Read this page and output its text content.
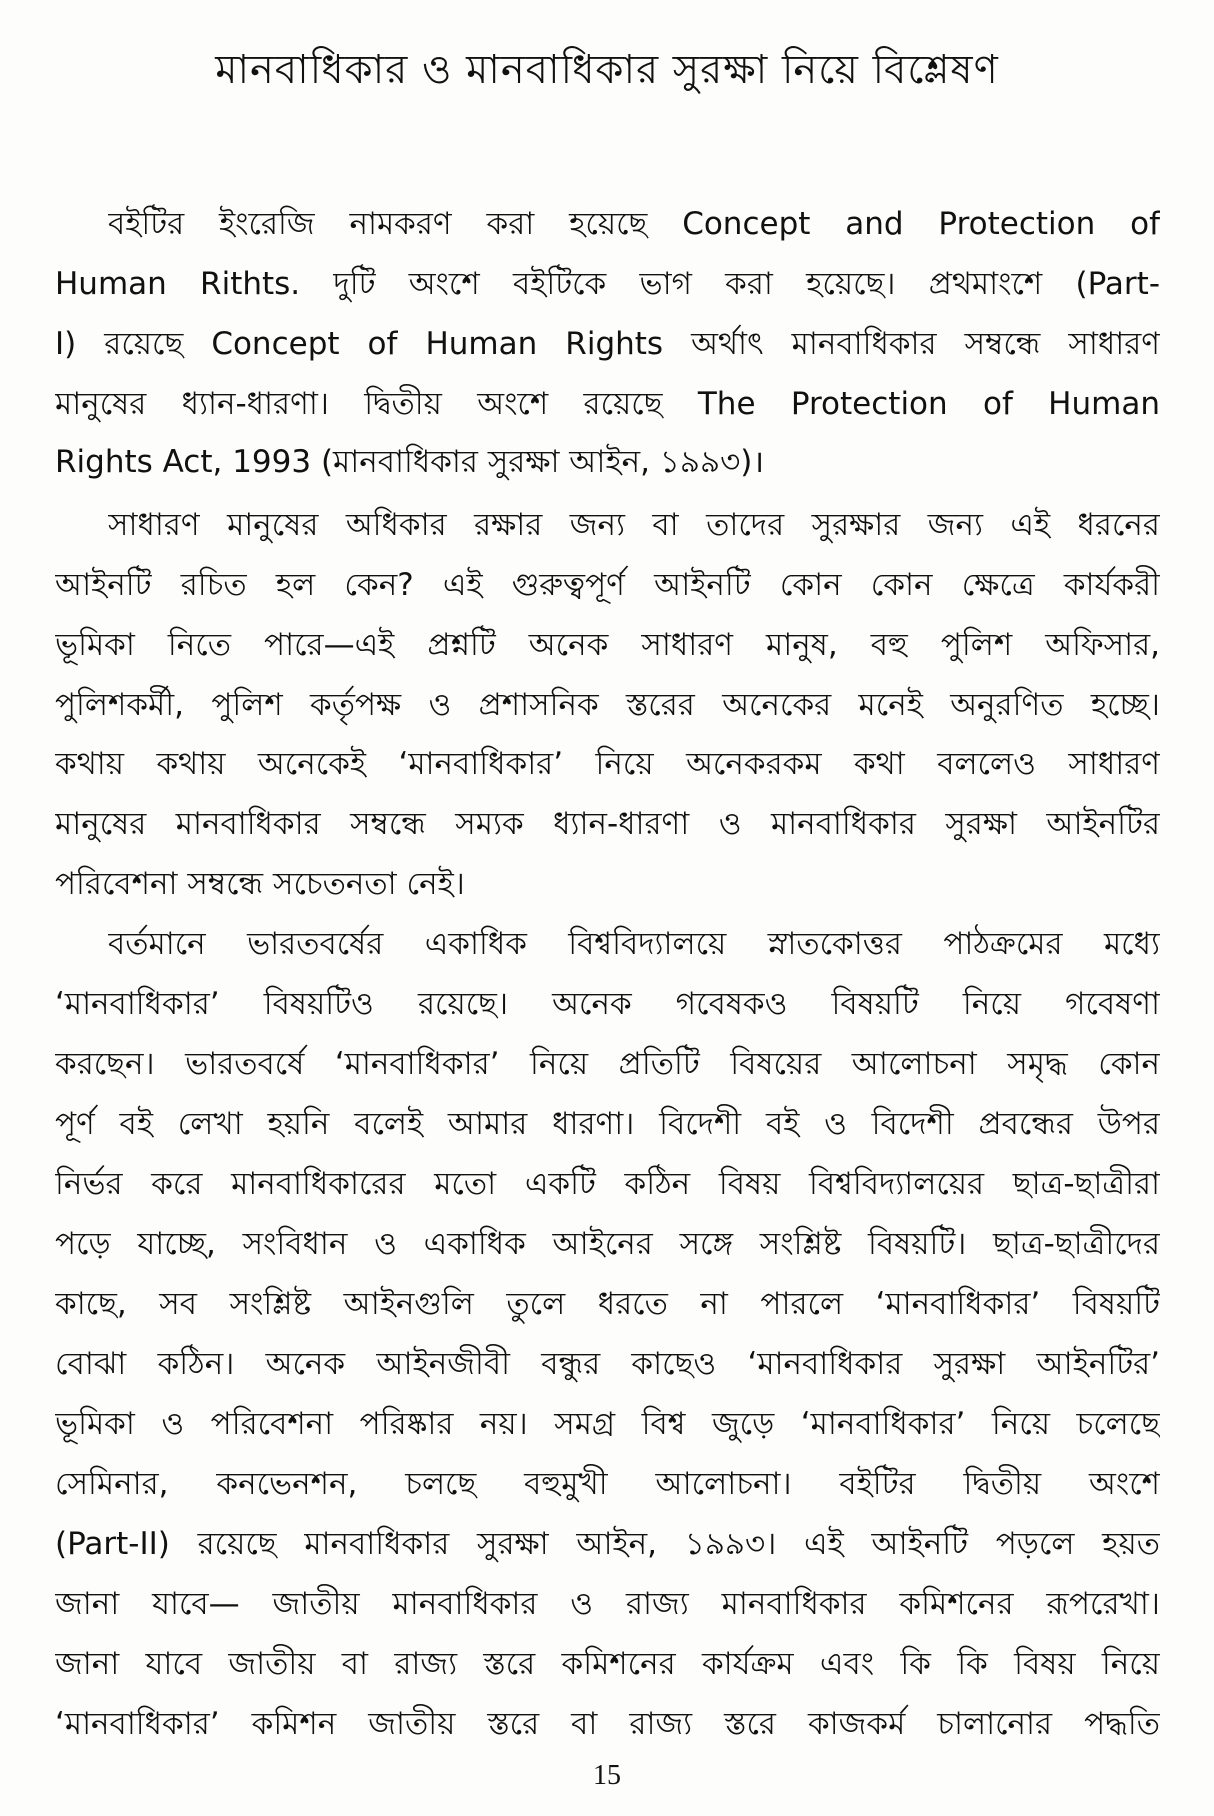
মানবাধিকার ও মানবাধিকার সুরক্ষা নিয়ে বিশ্লেষণ
বইটির ইংরেজি নামকরণ করা হয়েছে Concept and Protection of
Human Rithts. দুটি অংশে বইটিকে ভাগ করা হয়েছে। প্রথমাংশে (Part-
I) রয়েছে Concept of Human Rights অর্থাৎ মানবাধিকার সম্বন্ধে সাধারণ
মানুষের ধ্যান-ধারণা। দ্বিতীয় অংশে রয়েছে The Protection of Human
Rights Act, 1993 (মানবাধিকার সুরক্ষা আইন, ১৯৯৩)।
সাধারণ মানুষের অধিকার রক্ষার জন্য বা তাদের সুরক্ষার জন্য এই ধরনের
আইনটি রচিত হল কেন? এই গুরুত্বপূর্ণ আইনটি কোন কোন ক্ষেত্রে কার্যকরী
ভূমিকা নিতে পারে—এই প্রশ্নটি অনেক সাধারণ মানুষ, বহু পুলিশ অফিসার,
পুলিশকর্মী, পুলিশ কর্তৃপক্ষ ও প্রশাসনিক স্তরের অনেকের মনেই অনুরণিত হচ্ছে।
কথায় কথায় অনেকেই ‘মানবাধিকার’ নিয়ে অনেকরকম কথা বললেও সাধারণ
মানুষের মানবাধিকার সম্বন্ধে সম্যক ধ্যান-ধারণা ও মানবাধিকার সুরক্ষা আইনটির
পরিবেশনা সম্বন্ধে সচেতনতা নেই।
বর্তমানে ভারতবর্ষের একাধিক বিশ্ববিদ্যালয়ে স্নাতকোত্তর পাঠক্রমের মধ্যে
‘মানবাধিকার’ বিষয়টিও রয়েছে। অনেক গবেষকও বিষয়টি নিয়ে গবেষণা
করছেন। ভারতবর্ষে ‘মানবাধিকার’ নিয়ে প্রতিটি বিষয়ের আলোচনা সমৃদ্ধ কোন
পূর্ণ বই লেখা হয়নি বলেই আমার ধারণা। বিদেশী বই ও বিদেশী প্রবন্ধের উপর
নির্ভর করে মানবাধিকারের মতো একটি কঠিন বিষয় বিশ্ববিদ্যালয়ের ছাত্র-ছাত্রীরা
পড়ে যাচ্ছে, সংবিধান ও একাধিক আইনের সঙ্গে সংশ্লিষ্ট বিষয়টি। ছাত্র-ছাত্রীদের
কাছে, সব সংশ্লিষ্ট আইনগুলি তুলে ধরতে না পারলে ‘মানবাধিকার’ বিষয়টি
বোঝা কঠিন। অনেক আইনজীবী বন্ধুর কাছেও ‘মানবাধিকার সুরক্ষা আইনটির’
ভূমিকা ও পরিবেশনা পরিষ্কার নয়। সমগ্র বিশ্ব জুড়ে ‘মানবাধিকার’ নিয়ে চলেছে
সেমিনার, কনভেনশন, চলছে বহুমুখী আলোচনা। বইটির দ্বিতীয় অংশে
(Part-II) রয়েছে মানবাধিকার সুরক্ষা আইন, ১৯৯৩। এই আইনটি পড়লে হয়ত
জানা যাবে— জাতীয় মানবাধিকার ও রাজ্য মানবাধিকার কমিশনের রূপরেখা।
জানা যাবে জাতীয় বা রাজ্য স্তরে কমিশনের কার্যক্রম এবং কি কি বিষয় নিয়ে
‘মানবাধিকার’ কমিশন জাতীয় স্তরে বা রাজ্য স্তরে কাজকর্ম চালানোর পদ্ধতি
15
